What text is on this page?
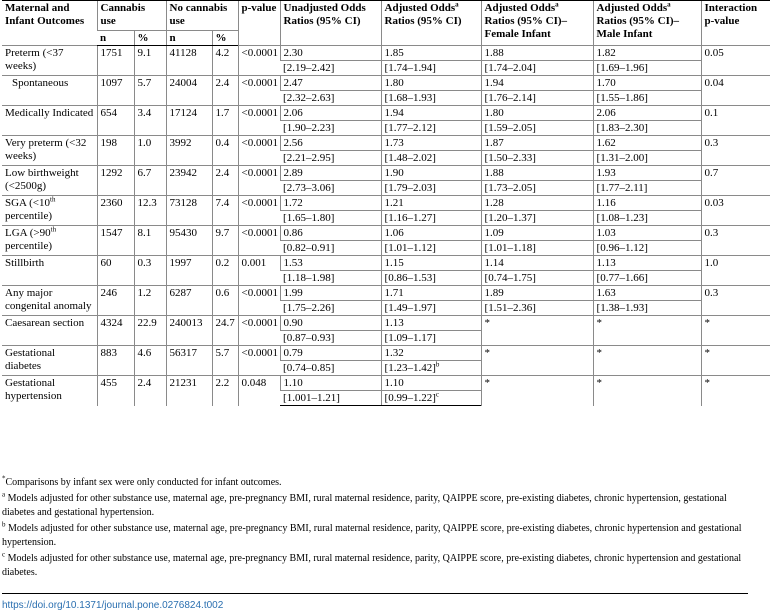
Maternal and Infant Outcomes	Cannabis use		No cannabis use		p-value	Unadjusted Odds Ratios (95% CI)	Adjusted Odds$^a$ Ratios (95% CI)	Adjusted Odds$^a$ Ratios (95% CI)–Female Infant	Adjusted Odds$^a$ Ratios (95% CI)–Male Infant	Interaction p-value
	n	%	n	%						
Preterm (<37 weeks)	1751	9.1	41128	4.2	<0.0001	2.30	1.85	1.88	1.82	0.05
						[2.19–2.42]	[1.74–1.94]	[1.74–2.04]	[1.69–1.96]	
Spontaneous	1097	5.7	24004	2.4	<0.0001	2.47	1.80	1.94	1.70	0.04
						[2.32–2.63]	[1.68–1.93]	[1.76–2.14]	[1.55–1.86]	
Medically Indicated	654	3.4	17124	1.7	<0.0001	2.06	1.94	1.80	2.06	0.1
						[1.90–2.23]	[1.77–2.12]	[1.59–2.05]	[1.83–2.30]	
Very preterm (<32 weeks)	198	1.0	3992	0.4	<0.0001	2.56	1.73	1.87	1.62	0.3
						[2.21–2.95]	[1.48–2.02]	[1.50–2.33]	[1.31–2.00]	
Low birthweight (<2500g)	1292	6.7	23942	2.4	<0.0001	2.89	1.90	1.88	1.93	0.7
						[2.73–3.06]	[1.79–2.03]	[1.73–2.05]	[1.77–2.11]	
SGA (<10th percentile)	2360	12.3	73128	7.4	<0.0001	1.72	1.21	1.28	1.16	0.03
						[1.65–1.80]	[1.16–1.27]	[1.20–1.37]	[1.08–1.23]	
LGA (>90th percentile)	1547	8.1	95430	9.7	<0.0001	0.86	1.06	1.09	1.03	0.3
						[0.82–0.91]	[1.01–1.12]	[1.01–1.18]	[0.96–1.12]	
Stillbirth	60	0.3	1997	0.2	0.001	1.53	1.15	1.14	1.13	1.0
						[1.18–1.98]	[0.86–1.53]	[0.74–1.75]	[0.77–1.66]	
Any major congenital anomaly	246	1.2	6287	0.6	<0.0001	1.99	1.71	1.89	1.63	0.3
						[1.75–2.26]	[1.49–1.97]	[1.51–2.36]	[1.38–1.93]	
Caesarean section	4324	22.9	240013	24.7	<0.0001	0.90	1.13	*	*	*
						[0.87–0.93]	[1.09–1.17]			
Gestational diabetes	883	4.6	56317	5.7	<0.0001	0.79	1.32	*	*	*
						[0.74–0.85]	$[1.23-1.42]^b$
Gestational hypertension	455	2.4	21231	2.2	0.048	1.10	1.10	*	*	*
						[1.001–1.21]	$[0.99-1.22]^c$

*Comparisons by infant sex were only conducted for infant outcomes.

$^a$ Models adjusted for other substance use, maternal age, pre-pregnancy BMI, rural maternal residence, parity, QAIPPE score, pre-existing diabetes, chronic hypertension, gestational diabetes and gestational hypertension.

$^b$ Models adjusted for other substance use, maternal age, pre-pregnancy BMI, rural maternal residence, parity, QAIPPE score, pre-existing diabetes, chronic hypertension and gestational hypertension.

$^c$ Models adjusted for other substance use, maternal age, pre-pregnancy BMI, rural maternal residence, parity, QAIPPE score, pre-existing diabetes, chronic hypertension and gestational diabetes.

https://doi.org/10.1371/journal.pone.0276824.t002
